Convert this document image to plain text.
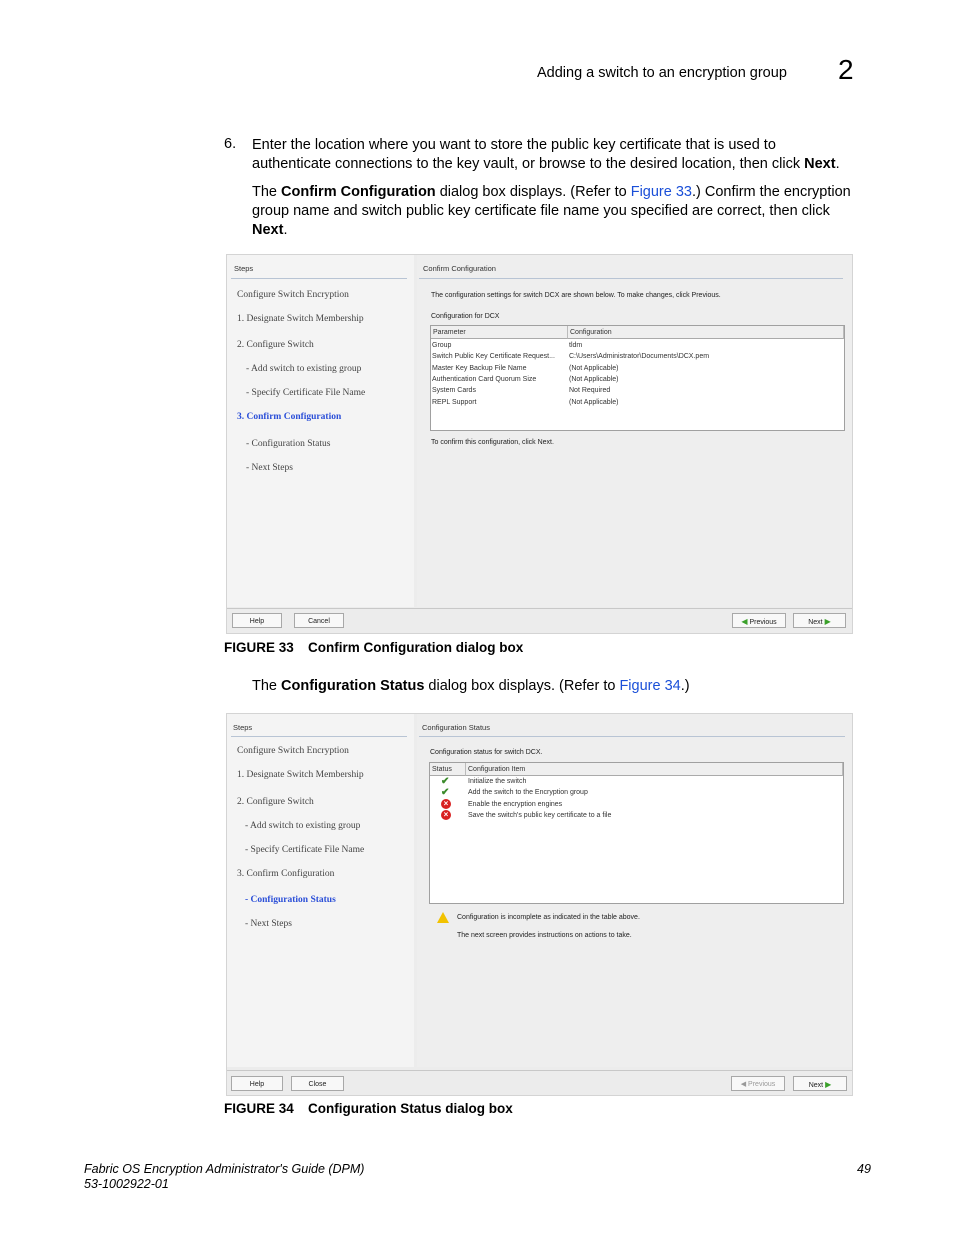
Adding a switch to an encryption group 2
6. Enter the location where you want to store the public key certificate that is used to
authenticate connections to the key vault, or browse to the desired location, then click Next.
The Confirm Configuration dialog box displays. (Refer to Figure 33.) Confirm the encryption
group name and switch public key certificate file name you specified are correct, then click
Next.
Steps
Configure Switch Encryption
1. Designate Switch Membership
2. Configure Switch
- Add switch to existing group
- Specify Certificate File Name
3. Confirm Configuration
- Configuration Status
- Next Steps
Confirm Configuration
The configuration settings for switch DCX are shown below. To make changes, click Previous.
Configuration for DCX
Parameter	Configuration
Group	tldm
Switch Public Key Certificate Request...	C:\Users\Administrator\Documents\DCX.pem
Master Key Backup File Name	(Not Applicable)
Authentication Card Quorum Size	(Not Applicable)
System Cards	Not Required
REPL Support	(Not Applicable)
To confirm this configuration, click Next.
Help	Cancel	◀ Previous	Next ▶
FIGURE 33 Confirm Configuration dialog box
The Configuration Status dialog box displays. (Refer to Figure 34.)
Steps
Configure Switch Encryption
1. Designate Switch Membership
2. Configure Switch
- Add switch to existing group
- Specify Certificate File Name
3. Confirm Configuration
- Configuration Status
- Next Steps
Configuration Status
Configuration status for switch DCX.
Status	Configuration Item
✔	Initialize the switch
✔	Add the switch to the Encryption group
×	Enable the encryption engines
×	Save the switch's public key certificate to a file
Configuration is incomplete as indicated in the table above.
The next screen provides instructions on actions to take.
Help	Close	◀ Previous	Next ▶
FIGURE 34 Configuration Status dialog box
Fabric OS Encryption Administrator's Guide (DPM)
53-1002922-01
49
